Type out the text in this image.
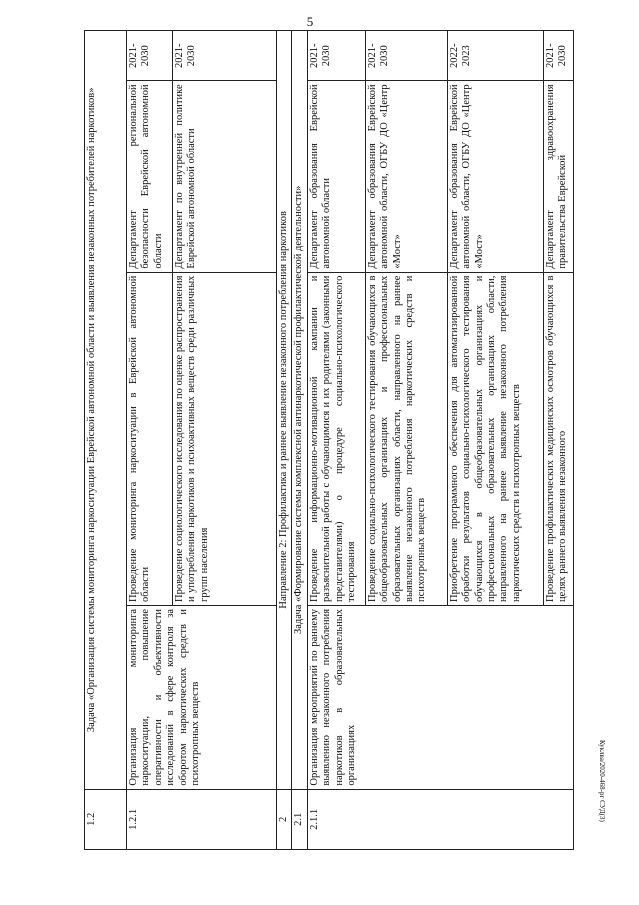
5
Куклва/2020-468-рг СУД(3)
1.2	Задача «Организация системы мониторинга наркоситуации Еврейской автономной области и выявления незаконных потребителей наркотиков»			
1.2.1	Организация мониторинга наркоситуации, повышение оперативности и объективности исследований в сфере контроля за оборотом наркотических средств и психотропных веществ	Проведение мониторинга наркоситуации в Еврейской автономной области	Департамент региональной безопасности Еврейской автономной области	2021-2030
		Проведение социологического исследования по оценке распространения и употребления наркотиков и психоактивных веществ среди различных групп населения	Департамент по внутренней политике Еврейской автономной области	2021-2030
2	Направление 2: Профилактика и раннее выявление незаконного потребления наркотиков			
2.1	Задача «Формирование системы комплексной антинаркотической профилактической деятельности»			
2.1.1	Организация мероприятий по раннему выявлению незаконного потребления наркотиков в образовательных организациях	Проведение информационно-мотивационной кампании и разъяснительной работы с обучающимися и их родителями (законными представителями) о процедуре социально-психологического тестирования	Департамент образования Еврейской автономной области	2021-2030
		Проведение социально-психологического тестирования обучающихся в общеобразовательных организациях и профессиональных образовательных организациях области, направленного на раннее выявление незаконного потребления наркотических средств и психотропных веществ	Департамент образования Еврейской автономной области, ОГБУ ДО «Центр «Мост»	2021-2030
		Приобретение программного обеспечения для автоматизированной обработки результатов социально-психологического тестирования обучающихся в общеобразовательных организациях и профессиональных образовательных организациях области, направленного на раннее выявление незаконного потребления наркотических средств и психотропных веществ	Департамент образования Еврейской автономной области, ОГБУ ДО «Центр «Мост»	2022-2023
		Проведение профилактических медицинских осмотров обучающихся в целях раннего выявления незаконного	Департамент здравоохранения правительства Еврейской	2021-2030
